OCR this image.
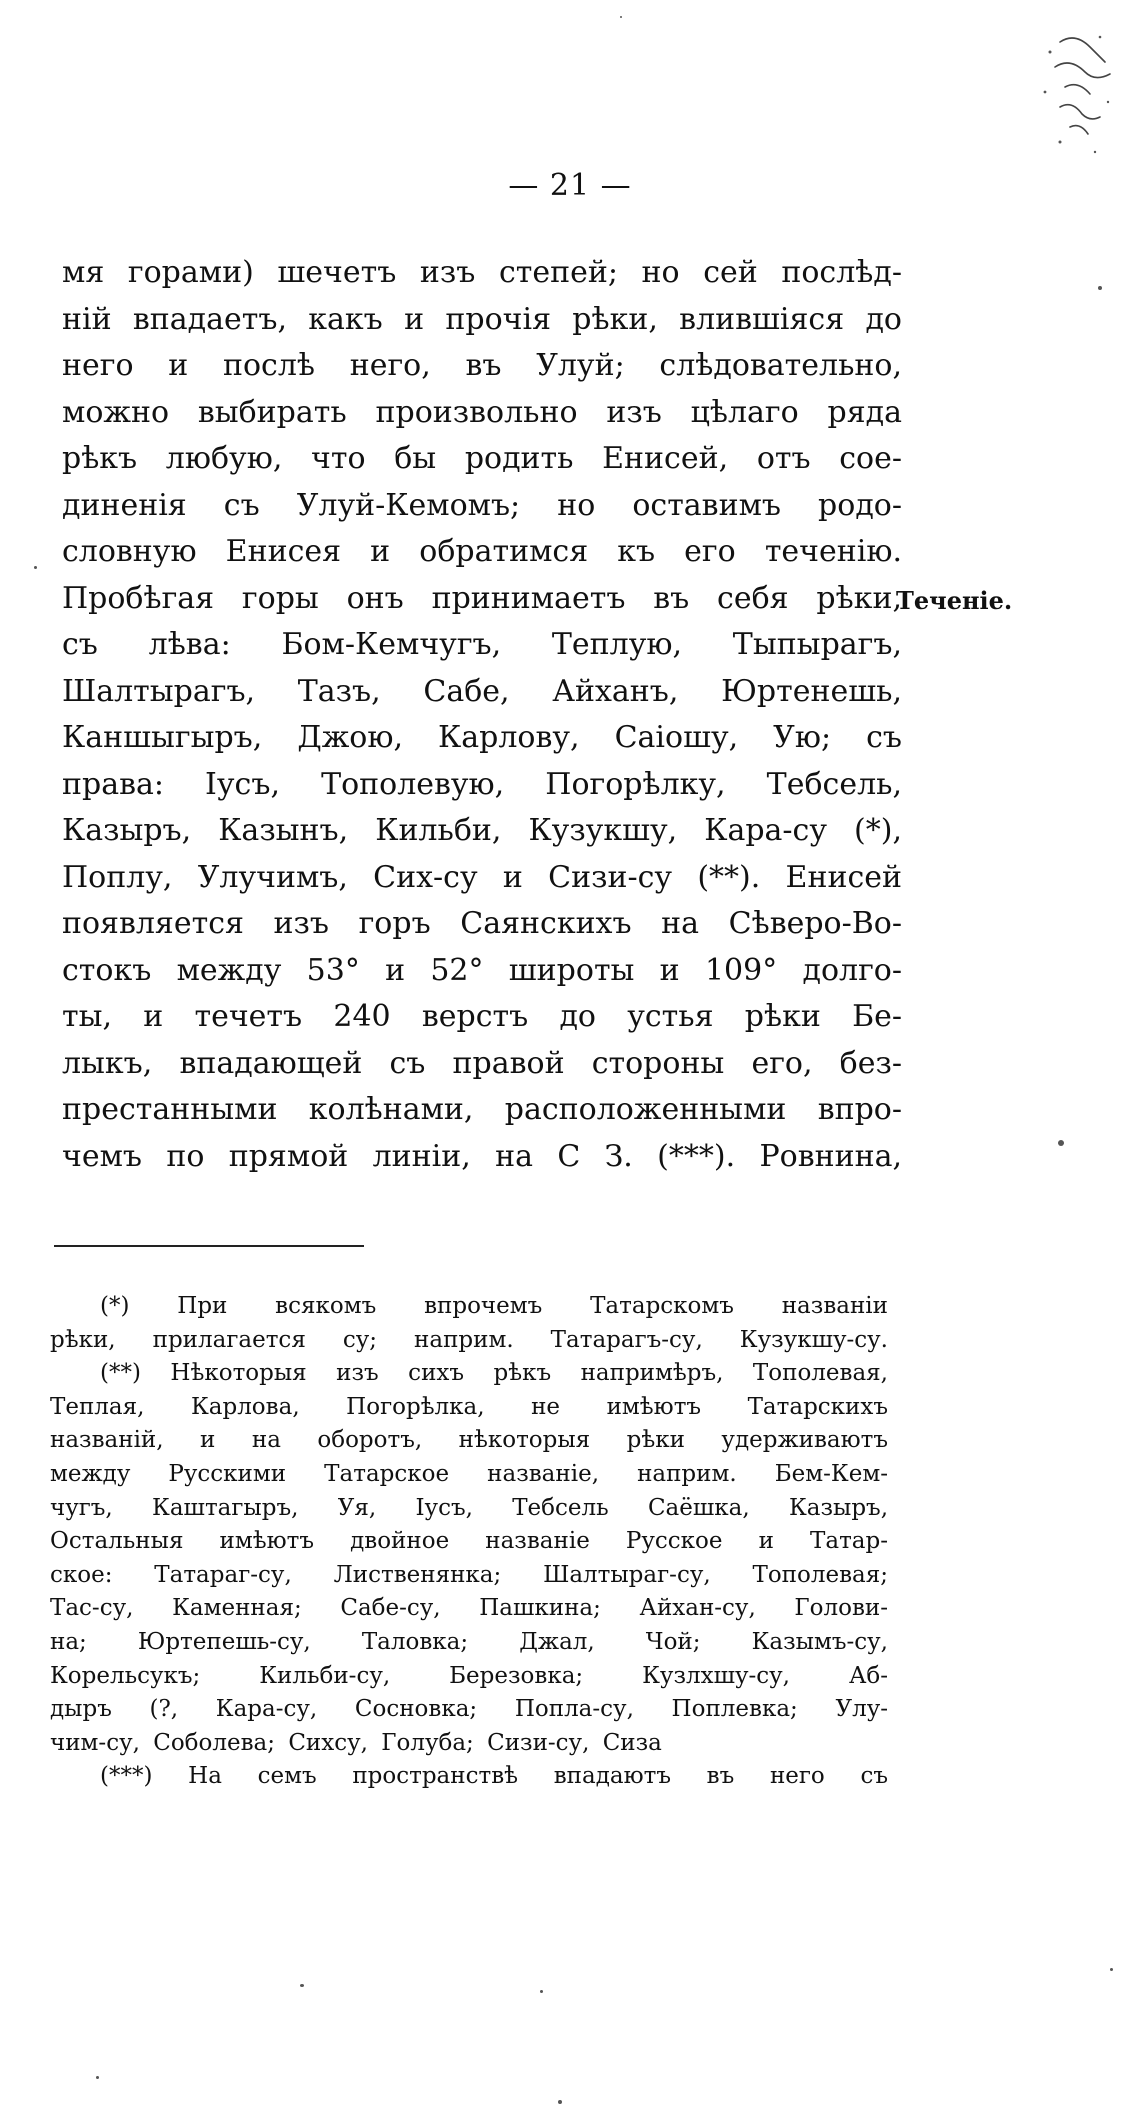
— 21 —
мя горами) шечетъ изъ степей; но сей послѣд-
нiй впадаетъ, какъ и прочiя рѣки, влившiяся до
него и послѣ него, въ Улуй; слѣдовательно,
можно выбирать произвольно изъ цѣлаго ряда
рѣкъ любую, что бы родить Енисей, отъ сое-
диненiя съ Улуй-Кемомъ; но оставимъ родо-
словную Енисея и обратимся къ его теченiю.
Пробѣгая горы онъ принимаетъ въ себя рѣки,
съ лѣва: Бом-Кемчугъ, Теплую, Тыпырагъ,
Шалтырагъ, Тазъ, Сабе, Айханъ, Юртенешь,
Каншыгыръ, Джою, Карлову, Саiошу, Ую; съ
права: Iусъ, Тополевую, Погорѣлку, Тебсель,
Казыръ, Казынъ, Кильби, Кузукшу, Кара-су (*),
Поплу, Улучимъ, Сих-су и Сизи-су (**). Енисей
появляется изъ горъ Саянскихъ на Сѣверо-Во-
стокъ между 53° и 52° широты и 109° долго-
ты, и течетъ 240 верстъ до устья рѣки Бе-
лыкъ, впадающей съ правой стороны его, без-
престанными колѣнами, расположенными впро-
чемъ по прямой линiи, на С З. (***). Ровнина,
Теченiе.
(*) При всякомъ впрочемъ Татарскомъ названiи
рѣки, прилагается су; наприм. Татарагъ-су, Кузукшу-су.
(**) Нѣкоторыя изъ сихъ рѣкъ напримѣръ, Тополевая,
Теплая, Карлова, Погорѣлка, не имѣютъ Татарскихъ
названiй, и на оборотъ, нѣкоторыя рѣки удерживаютъ
между Русскими Татарское названiе, наприм. Бем-Кем-
чугъ, Каштагыръ, Уя, Iусъ, Тебсель Саёшка, Казыръ,
Остальныя имѣютъ двойное названiе Русское и Татар-
ское: Татараг-су, Лиственянка; Шалтыраг-су, Тополевая;
Тас-су, Каменная; Сабе-су, Пашкина; Айхан-су, Голови-
на; Юртепешь-су, Таловка; Джал, Чой; Казымъ-су,
Корельсукъ; Кильби-су, Березовка; Кузлхшу-су, Аб-
дыръ (?, Кара-су, Сосновка; Попла-су, Поплевка; Улу-
чим-су, Соболева; Сихсу, Голуба; Сизи-су, Сиза
(***) На семъ пространствѣ впадаютъ въ него съ
